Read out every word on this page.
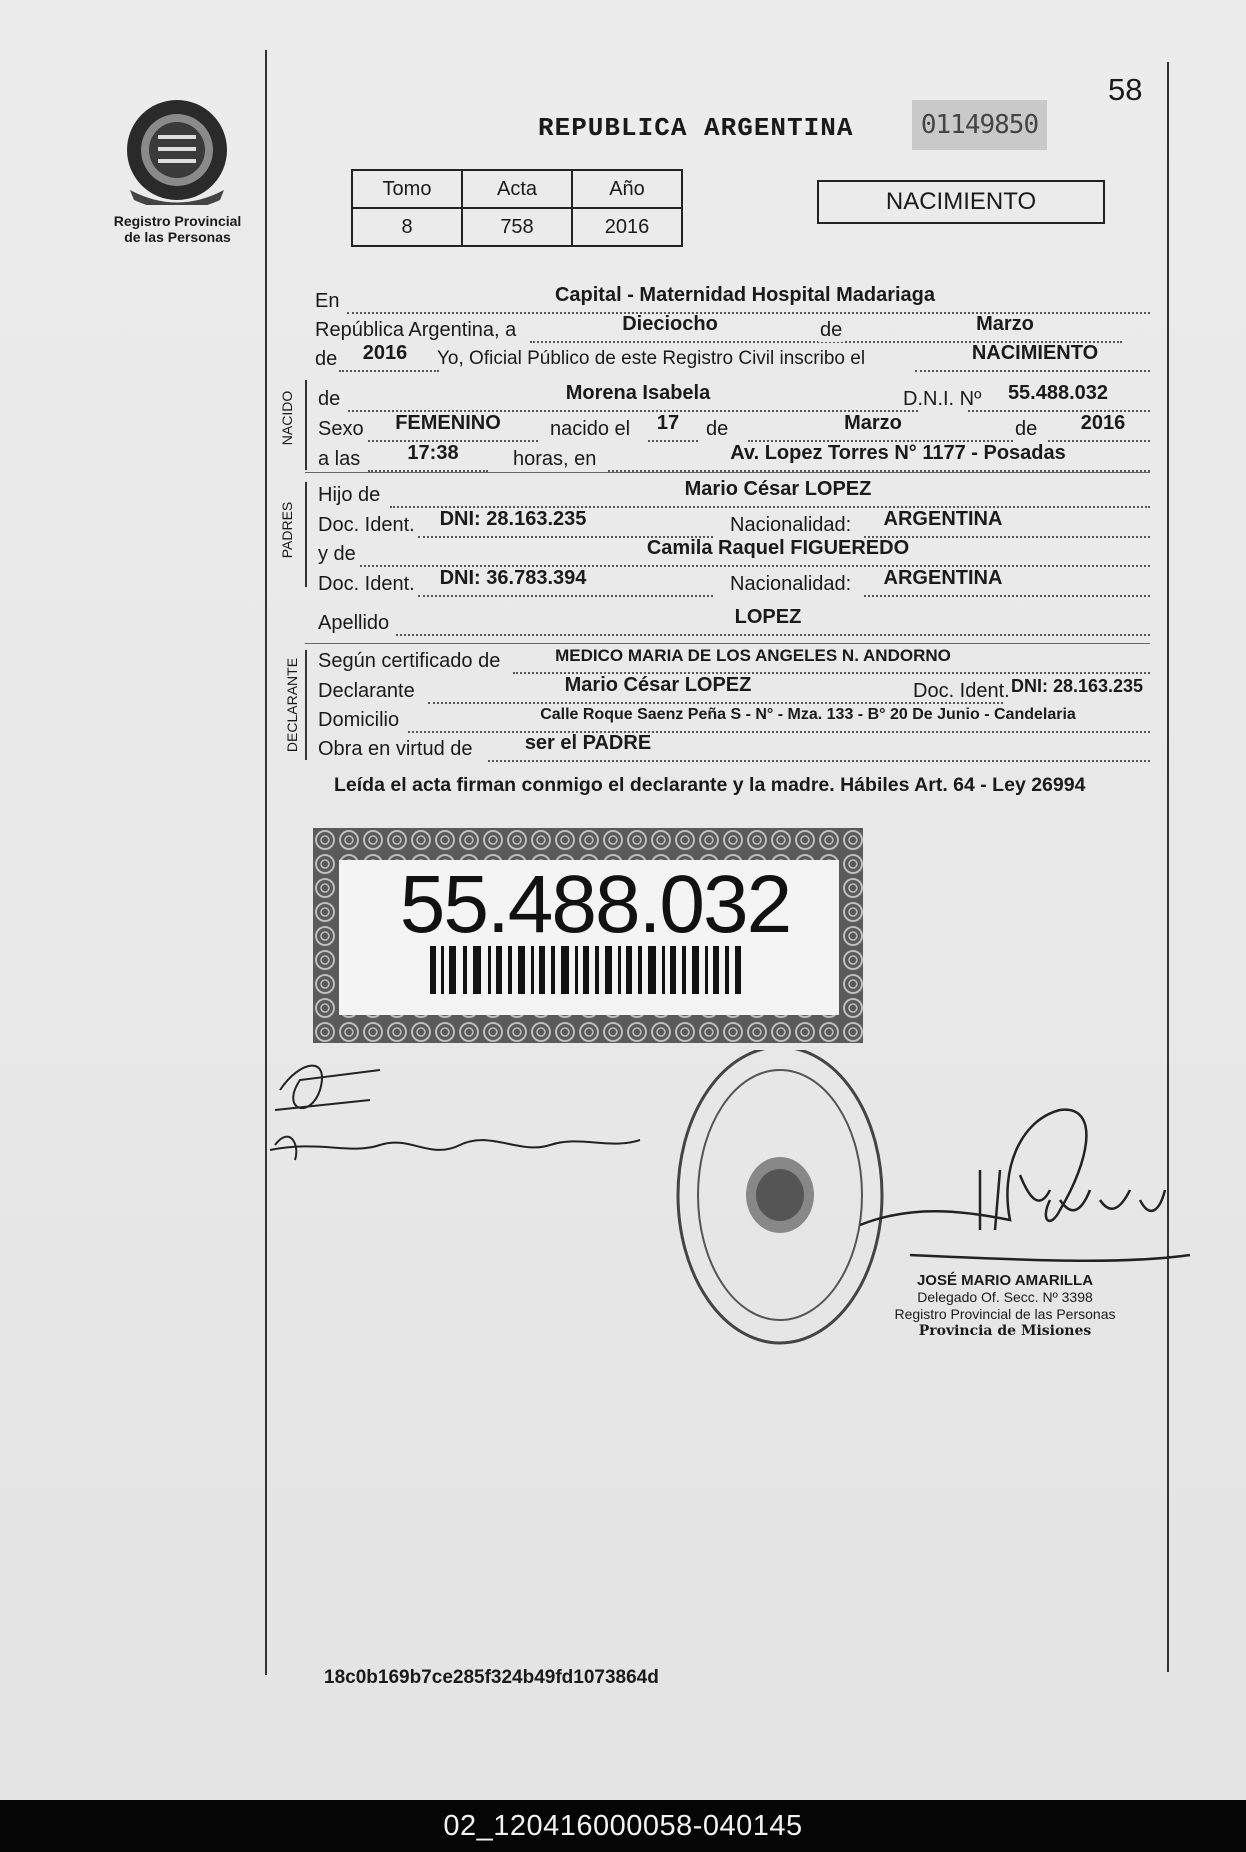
Registro Provincial
de las Personas
58
REPUBLICA ARGENTINA	01149850
Tomo	Acta	Año
8	758	2016
NACIMIENTO
En	Capital - Maternidad Hospital Madariaga
República Argentina, a	Dieciocho	de	Marzo
de	2016	Yo, Oficial Público de este Registro Civil inscribo el	NACIMIENTO
NACIDO de	Morena Isabela	D.N.I. Nº	55.488.032
Sexo	FEMENINO	nacido el	17	de	Marzo	de	2016
a las	17:38	horas, en	Av. Lopez Torres N° 1177 - Posadas
PADRES
Hijo de	Mario César LOPEZ
Doc. Ident.	DNI: 28.163.235	Nacionalidad: ARGENTINA
y de	Camila Raquel FIGUEREDO
Doc. Ident.	DNI: 36.783.394	Nacionalidad: ARGENTINA
Apellido	LOPEZ
DECLARANTE Según certificado de	MEDICO MARIA DE LOS ANGELES N. ANDORNO
Declarante	Mario César LOPEZ	Doc. Ident. DNI: 28.163.235
Domicilio	Calle Roque Saenz Peña S - N° - Mza. 133 - B° 20 De Junio - Candelaria
Obra en virtud de	ser el PADRE
Leída el acta firman conmigo el declarante y la madre. Hábiles Art. 64 - Ley 26994
55.488.032
JOSÉ MARIO AMARILLA
Delegado Of. Secc. Nº 3398
Registro Provincial de las Personas
Provincia de Misiones
18c0b169b7ce285f324b49fd1073864d
02_120416000058-040145
